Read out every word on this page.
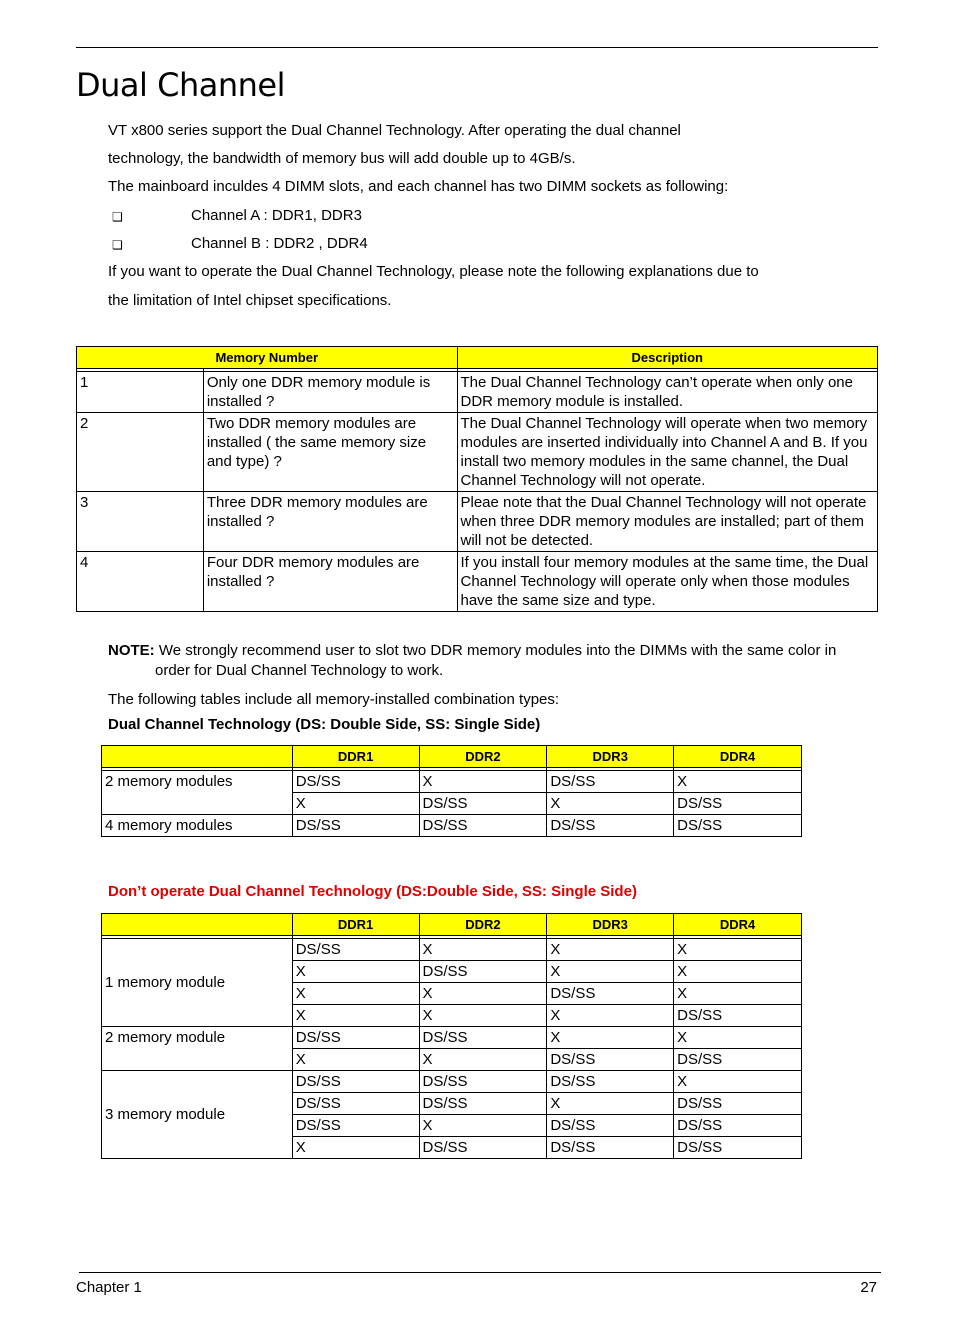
Dual Channel
VT x800 series support the Dual Channel Technology. After operating the dual channel
technology, the bandwidth of memory bus will add double up to 4GB/s.
The mainboard inculdes 4 DIMM slots, and each channel has two DIMM sockets as following:
❑	Channel A : DDR1, DDR3
❑	Channel B : DDR2 , DDR4
If you want to operate the Dual Channel Technology, please note the following explanations due to
the limitation of Intel chipset specifications.
Memory Number		Description

1	Only one DDR memory module is installed ?	The Dual Channel Technology can’t operate when only one DDR memory module is installed.
2	Two DDR memory modules are installed ( the same memory size and type) ?	The Dual Channel Technology will operate when two memory modules are inserted individually into Channel A and B. If you install two memory modules in the same channel, the Dual Channel Technology will not operate.
3	Three DDR memory modules are installed ?	Pleae note that the Dual Channel Technology will not operate when three DDR memory modules are installed; part of them will not be detected.
4	Four DDR memory modules are installed ?	If you install four memory modules at the same time, the Dual Channel Technology will operate only when those modules have the same size and type.
NOTE: We strongly recommend user to slot two DDR memory modules into the DIMMs with the same color in
order for Dual Channel Technology to work.
The following tables include all memory-installed combination types:
Dual Channel Technology (DS: Double Side, SS: Single Side)
	DDR1	DDR2	DDR3	DDR4

2 memory modules	DS/SS	X	DS/SS	X
	X	DS/SS	X	DS/SS
4 memory modules	DS/SS	DS/SS	DS/SS	DS/SS
Don’t operate Dual Channel Technology (DS:Double Side, SS: Single Side)
	DDR1	DDR2	DDR3	DDR4

1 memory module	DS/SS	X	X	X
	X	DS/SS	X	X
	X	X	DS/SS	X
	X	X	X	DS/SS
2 memory module	DS/SS	DS/SS	X	X
	X	X	DS/SS	DS/SS
3 memory module	DS/SS	DS/SS	DS/SS	X
	DS/SS	DS/SS	X	DS/SS
	DS/SS	X	DS/SS	DS/SS
	X	DS/SS	DS/SS	DS/SS
Chapter 1	27
